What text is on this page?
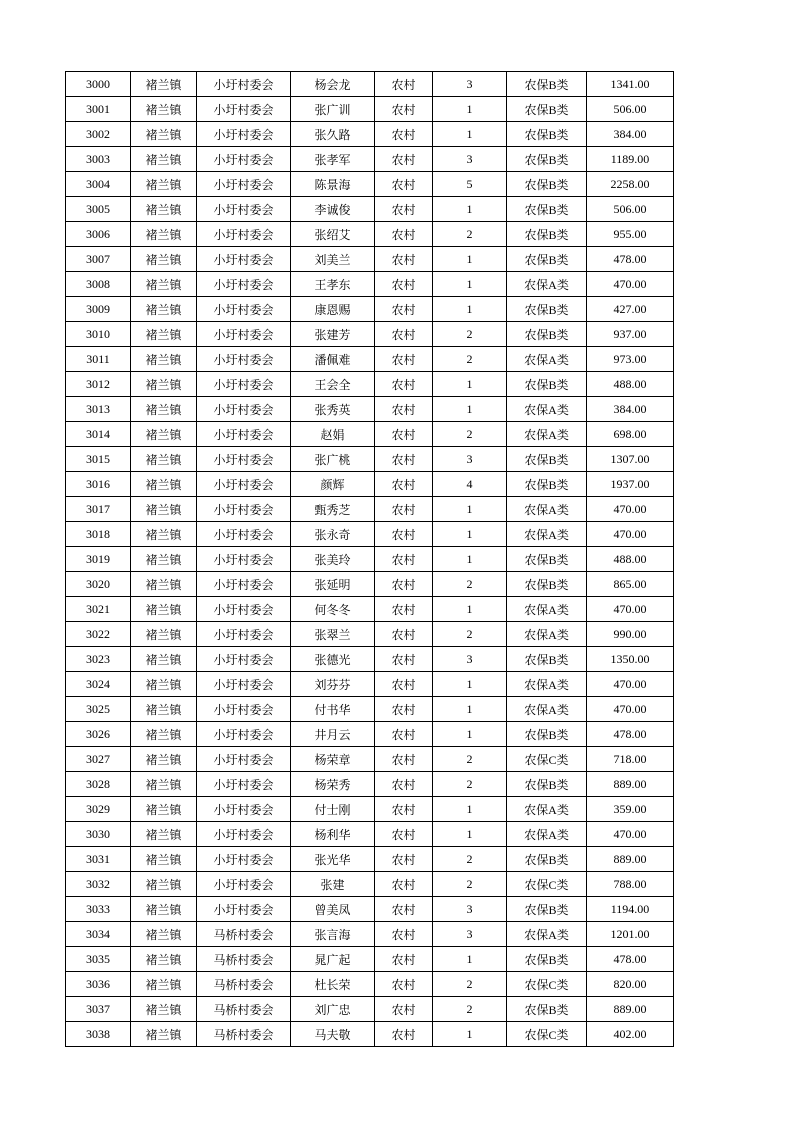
3000	褚兰镇	小圩村委会	杨会龙	农村	3	农保B类	1341.00
3001	褚兰镇	小圩村委会	张广训	农村	1	农保B类	506.00
3002	褚兰镇	小圩村委会	张久路	农村	1	农保B类	384.00
3003	褚兰镇	小圩村委会	张孝军	农村	3	农保B类	1189.00
3004	褚兰镇	小圩村委会	陈景海	农村	5	农保B类	2258.00
3005	褚兰镇	小圩村委会	李诚俊	农村	1	农保B类	506.00
3006	褚兰镇	小圩村委会	张绍艾	农村	2	农保B类	955.00
3007	褚兰镇	小圩村委会	刘美兰	农村	1	农保B类	478.00
3008	褚兰镇	小圩村委会	王孝东	农村	1	农保A类	470.00
3009	褚兰镇	小圩村委会	康恩赐	农村	1	农保B类	427.00
3010	褚兰镇	小圩村委会	张建芳	农村	2	农保B类	937.00
3011	褚兰镇	小圩村委会	潘佩难	农村	2	农保A类	973.00
3012	褚兰镇	小圩村委会	王会全	农村	1	农保B类	488.00
3013	褚兰镇	小圩村委会	张秀英	农村	1	农保A类	384.00
3014	褚兰镇	小圩村委会	赵娟	农村	2	农保A类	698.00
3015	褚兰镇	小圩村委会	张广桃	农村	3	农保B类	1307.00
3016	褚兰镇	小圩村委会	颜辉	农村	4	农保B类	1937.00
3017	褚兰镇	小圩村委会	甄秀芝	农村	1	农保A类	470.00
3018	褚兰镇	小圩村委会	张永奇	农村	1	农保A类	470.00
3019	褚兰镇	小圩村委会	张美玲	农村	1	农保B类	488.00
3020	褚兰镇	小圩村委会	张延明	农村	2	农保B类	865.00
3021	褚兰镇	小圩村委会	何冬冬	农村	1	农保A类	470.00
3022	褚兰镇	小圩村委会	张翠兰	农村	2	农保A类	990.00
3023	褚兰镇	小圩村委会	张德光	农村	3	农保B类	1350.00
3024	褚兰镇	小圩村委会	刘芬芬	农村	1	农保A类	470.00
3025	褚兰镇	小圩村委会	付书华	农村	1	农保A类	470.00
3026	褚兰镇	小圩村委会	井月云	农村	1	农保B类	478.00
3027	褚兰镇	小圩村委会	杨荣章	农村	2	农保C类	718.00
3028	褚兰镇	小圩村委会	杨荣秀	农村	2	农保B类	889.00
3029	褚兰镇	小圩村委会	付士刚	农村	1	农保A类	359.00
3030	褚兰镇	小圩村委会	杨利华	农村	1	农保A类	470.00
3031	褚兰镇	小圩村委会	张光华	农村	2	农保B类	889.00
3032	褚兰镇	小圩村委会	张建	农村	2	农保C类	788.00
3033	褚兰镇	小圩村委会	曾美凤	农村	3	农保B类	1194.00
3034	褚兰镇	马桥村委会	张言海	农村	3	农保A类	1201.00
3035	褚兰镇	马桥村委会	晁广起	农村	1	农保B类	478.00
3036	褚兰镇	马桥村委会	杜长荣	农村	2	农保C类	820.00
3037	褚兰镇	马桥村委会	刘广忠	农村	2	农保B类	889.00
3038	褚兰镇	马桥村委会	马夫敬	农村	1	农保C类	402.00
